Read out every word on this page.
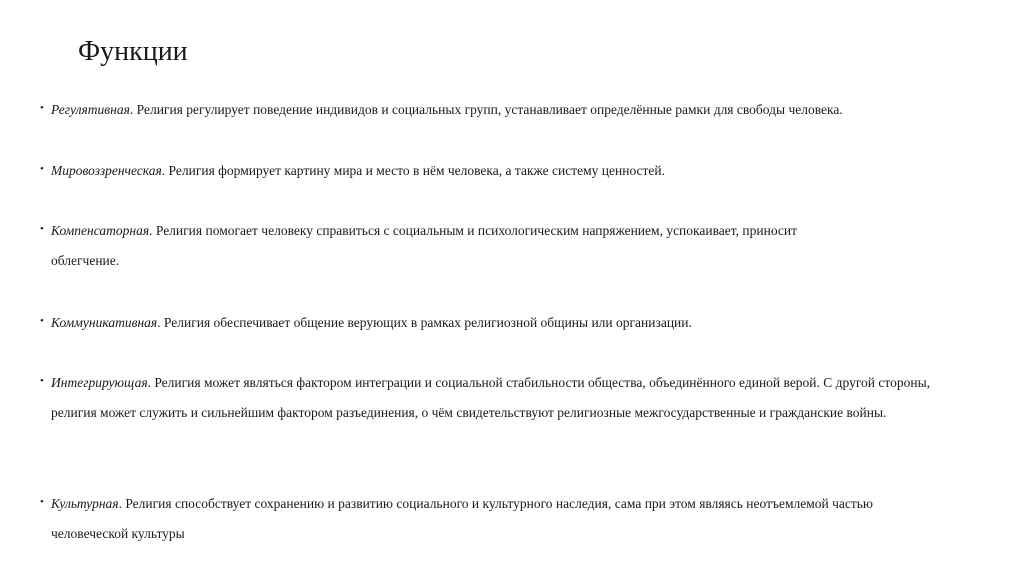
Функции
• Регулятивная. Религия регулирует поведение индивидов и социальных групп, устанавливает определённые рамки для свободы человека.
• Мировоззренческая. Религия формирует картину мира и место в нём человека, а также систему ценностей.
• Компенсаторная. Религия помогает человеку справиться с социальным и психологическим напряжением, успокаивает, приносит облегчение.
• Коммуникативная. Религия обеспечивает общение верующих в рамках религиозной общины или организации.
• Интегрирующая. Религия может являться фактором интеграции и социальной стабильности общества, объединённого единой верой. С другой стороны, религия может служить и сильнейшим фактором разъединения, о чём свидетельствуют религиозные межгосударственные и гражданские войны.
• Культурная. Религия способствует сохранению и развитию социального и культурного наследия, сама при этом являясь неотъемлемой частью человеческой культуры
